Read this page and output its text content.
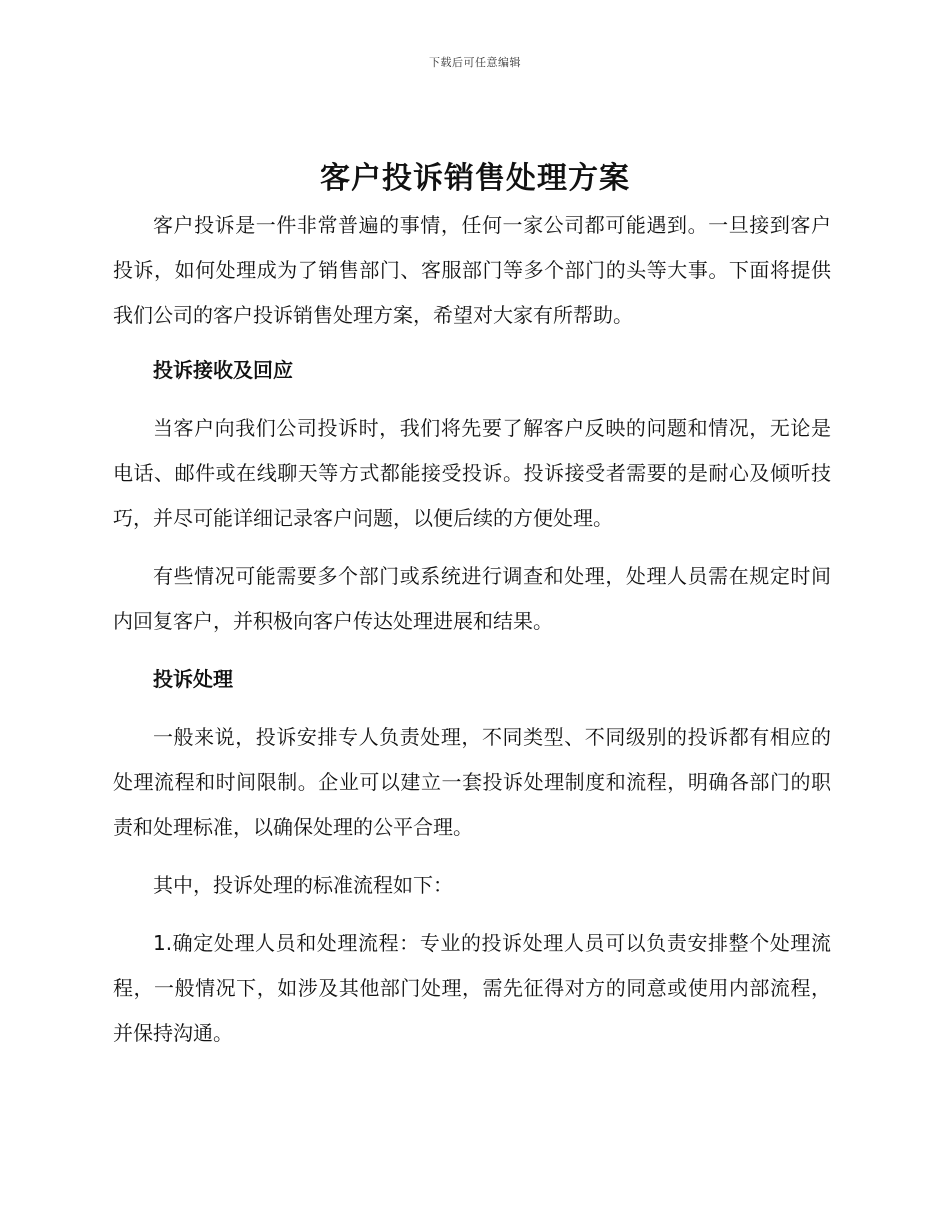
下载后可任意编辑
客户投诉销售处理方案

客户投诉是一件非常普遍的事情，任何一家公司都可能遇到。一旦接到客户投诉，如何处理成为了销售部门、客服部门等多个部门的头等大事。下面将提供我们公司的客户投诉销售处理方案，希望对大家有所帮助。

投诉接收及回应

当客户向我们公司投诉时，我们将先要了解客户反映的问题和情况，无论是电话、邮件或在线聊天等方式都能接受投诉。投诉接受者需要的是耐心及倾听技巧，并尽可能详细记录客户问题，以便后续的方便处理。

有些情况可能需要多个部门或系统进行调查和处理，处理人员需在规定时间内回复客户，并积极向客户传达处理进展和结果。

投诉处理

一般来说，投诉安排专人负责处理，不同类型、不同级别的投诉都有相应的处理流程和时间限制。企业可以建立一套投诉处理制度和流程，明确各部门的职责和处理标准，以确保处理的公平合理。

其中，投诉处理的标准流程如下：

1.确定处理人员和处理流程：专业的投诉处理人员可以负责安排整个处理流程，一般情况下，如涉及其他部门处理，需先征得对方的同意或使用内部流程，并保持沟通。
